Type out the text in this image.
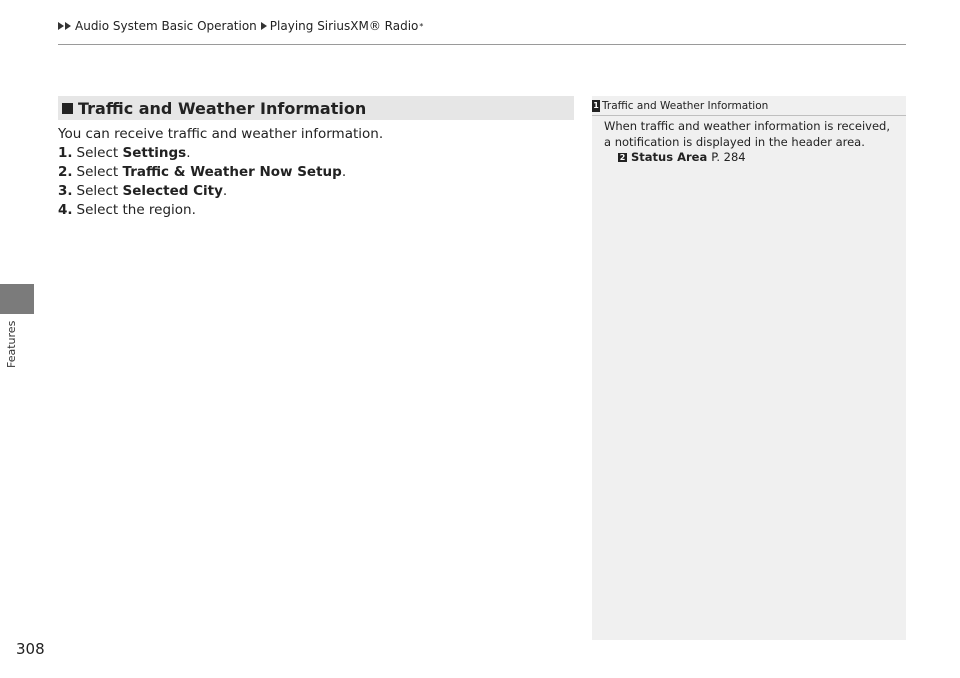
Audio System Basic Operation Playing SiriusXM® Radio *
Features
308
Traffic and Weather Information

You can receive traffic and weather information.

1. Select Settings.

2. Select Traffic & Weather Now Setup.

3. Select Selected City.

4. Select the region.

1 Traffic and Weather Information

When traffic and weather information is received, a notification is displayed in the header area.

2 Status Area P. 284
